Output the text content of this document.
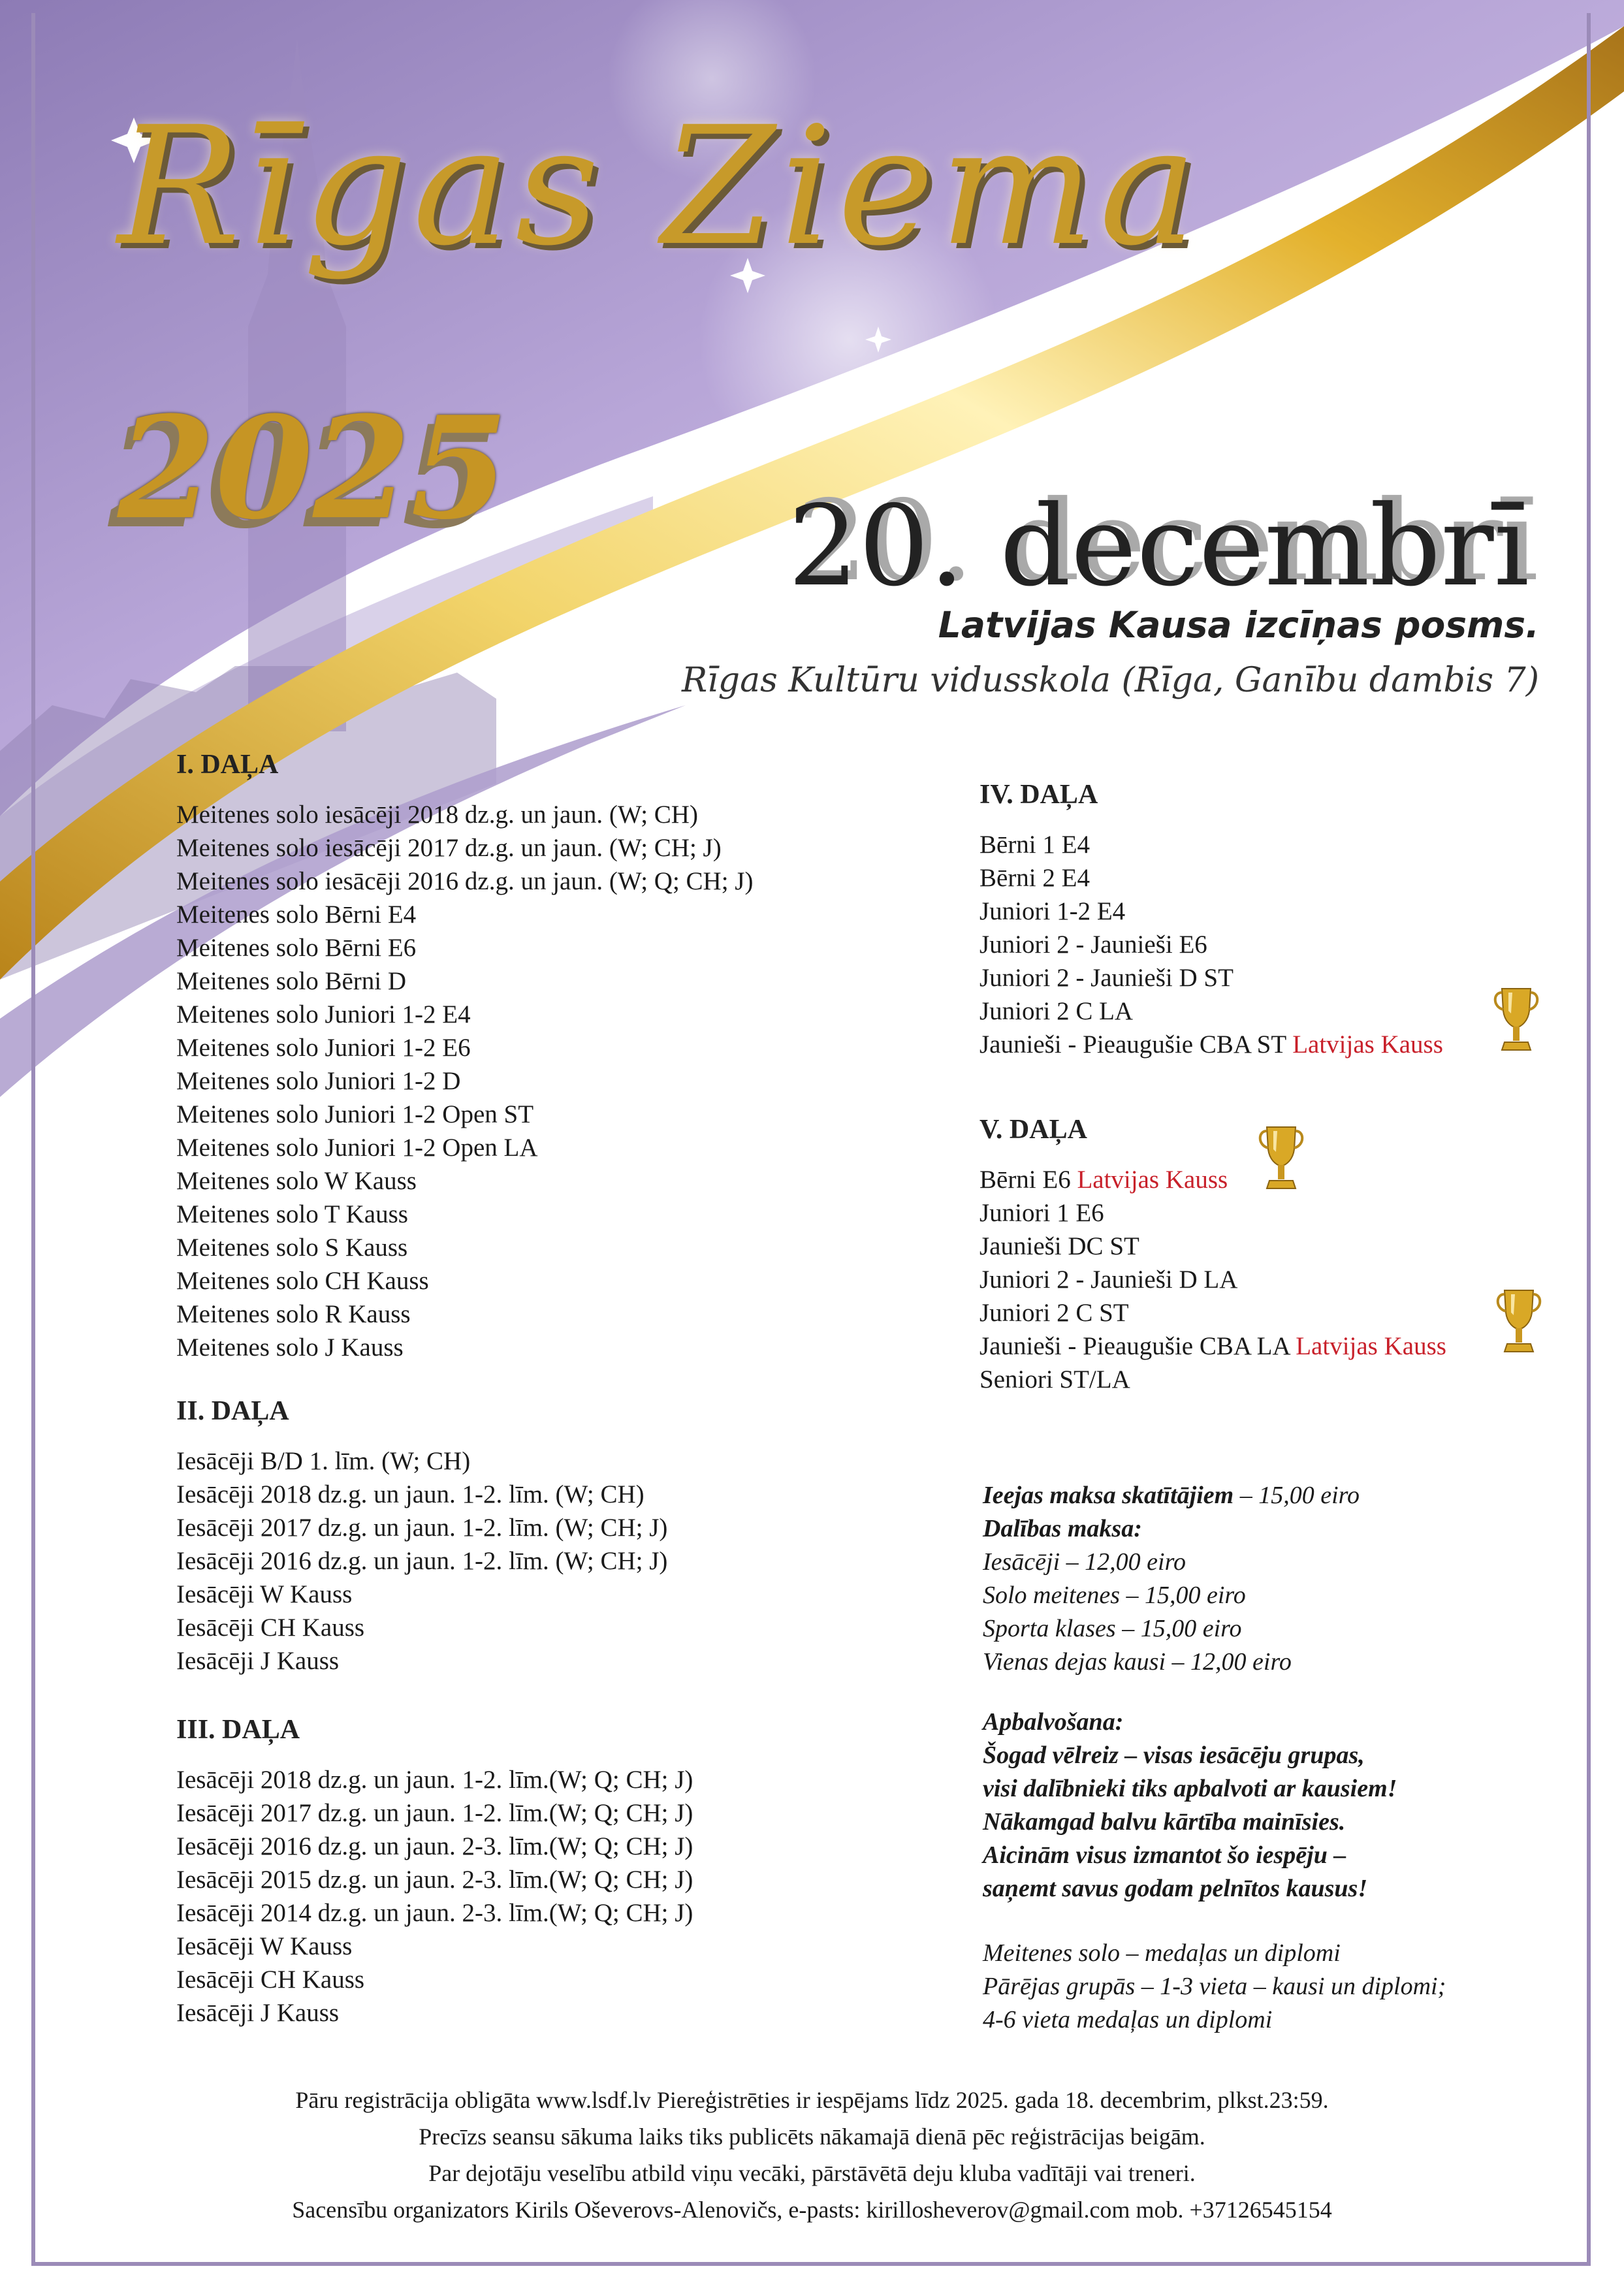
Rīgas Ziema
2025	20. decembrī
Latvijas Kausa izcīņas posms.
Rīgas Kultūru vidusskola (Rīga, Ganību dambis 7)
I. DAĻA
Meitenes solo iesācēji 2018 dz.g. un jaun. (W; CH)
Meitenes solo iesācēji 2017 dz.g. un jaun. (W; CH; J)
Meitenes solo iesācēji 2016 dz.g. un jaun. (W; Q; CH; J)
Meitenes solo Bērni E4
Meitenes solo Bērni E6
Meitenes solo Bērni D
Meitenes solo Juniori 1-2 E4
Meitenes solo Juniori 1-2 E6
Meitenes solo Juniori 1-2 D
Meitenes solo Juniori 1-2 Open ST
Meitenes solo Juniori 1-2 Open LA
Meitenes solo W Kauss
Meitenes solo T Kauss
Meitenes solo S Kauss
Meitenes solo CH Kauss
Meitenes solo R Kauss
Meitenes solo J Kauss
II. DAĻA
Iesācēji B/D 1. līm. (W; CH)
Iesācēji 2018 dz.g. un jaun. 1-2. līm. (W; CH)
Iesācēji 2017 dz.g. un jaun. 1-2. līm. (W; CH; J)
Iesācēji 2016 dz.g. un jaun. 1-2. līm. (W; CH; J)
Iesācēji W Kauss
Iesācēji CH Kauss
Iesācēji J Kauss
III. DAĻA
Iesācēji 2018 dz.g. un jaun. 1-2. līm.(W; Q; CH; J)
Iesācēji 2017 dz.g. un jaun. 1-2. līm.(W; Q; CH; J)
Iesācēji 2016 dz.g. un jaun. 2-3. līm.(W; Q; CH; J)
Iesācēji 2015 dz.g. un jaun. 2-3. līm.(W; Q; CH; J)
Iesācēji 2014 dz.g. un jaun. 2-3. līm.(W; Q; CH; J)
Iesācēji W Kauss
Iesācēji CH Kauss
Iesācēji J Kauss
IV. DAĻA
Bērni 1 E4
Bērni 2 E4
Juniori 1-2 E4
Juniori 2 - Jaunieši E6
Juniori 2 - Jaunieši D ST
Juniori 2 C LA
Jaunieši - Pieaugušie CBA ST Latvijas Kauss
V. DAĻA
Bērni E6 Latvijas Kauss
Juniori 1 E6
Jaunieši DC ST
Juniori 2 - Jaunieši D LA
Juniori 2 C ST
Jaunieši - Pieaugušie CBA LA Latvijas Kauss
Seniori ST/LA
Ieejas maksa skatītājiem – 15,00 eiro
Dalības maksa:
Iesācēji – 12,00 eiro
Solo meitenes – 15,00 eiro
Sporta klases – 15,00 eiro
Vienas dejas kausi – 12,00 eiro
Apbalvošana:
Šogad vēlreiz – visas iesācēju grupas,
visi dalībnieki tiks apbalvoti ar kausiem!
Nākamgad balvu kārtība mainīsies.
Aicinām visus izmantot šo iespēju –
saņemt savus godam pelnītos kausus!
Meitenes solo – medaļas un diplomi
Pārējas grupās – 1-3 vieta – kausi un diplomi;
4-6 vieta medaļas un diplomi
Pāru registrācija obligāta www.lsdf.lv Piereģistrēties ir iespējams līdz 2025. gada 18. decembrim, plkst.23:59.
Precīzs seansu sākuma laiks tiks publicēts nākamajā dienā pēc reģistrācijas beigām.
Par dejotāju veselību atbild viņu vecāki, pārstāvētā deju kluba vadītāji vai treneri.
Sacensību organizators Kirils Oševerovs-Alenovičs, e-pasts: kirillosheverov@gmail.com mob. +37126545154
